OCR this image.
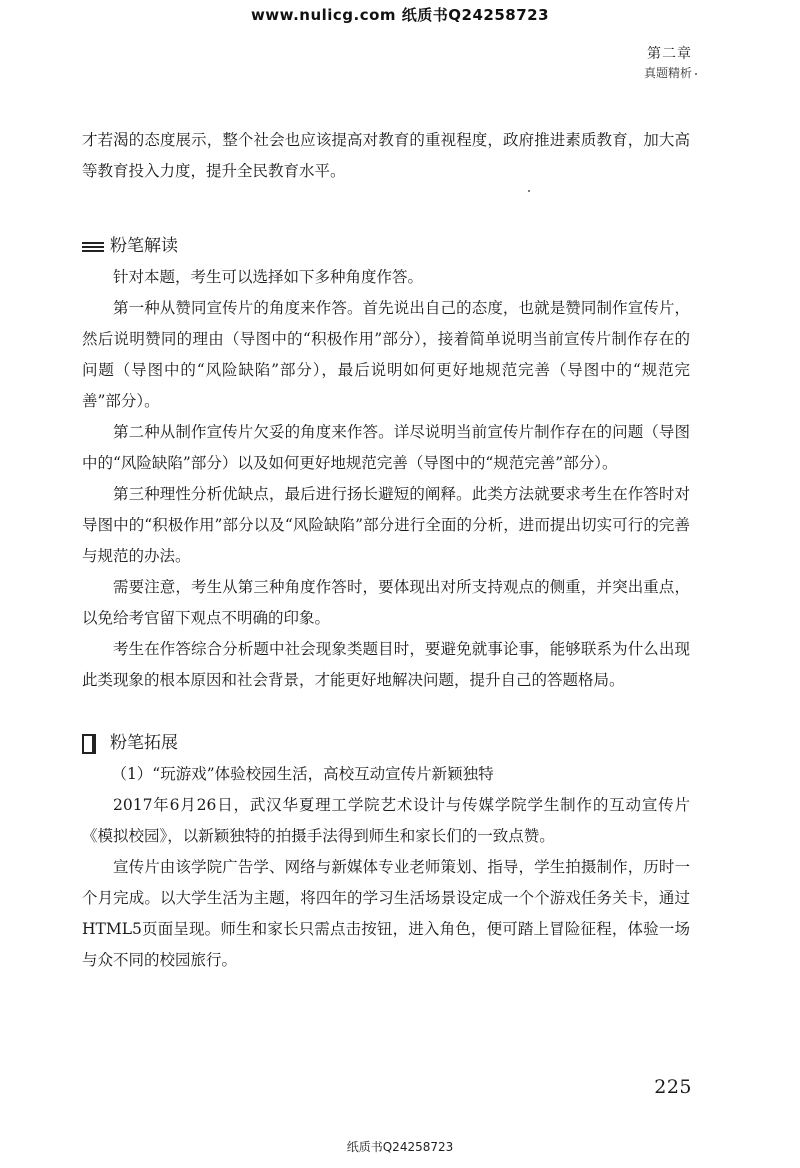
www.nulicg.com 纸质书Q24258723
第二章
真题精析

才若渴的态度展示，整个社会也应该提高对教育的重视程度，政府推进素质教育，加大高等教育投入力度，提升全民教育水平。

粉笔解读

针对本题，考生可以选择如下多种角度作答。

第一种从赞同宣传片的角度来作答。首先说出自己的态度，也就是赞同制作宣传片，然后说明赞同的理由（导图中的“积极作用”部分），接着简单说明当前宣传片制作存在的问题（导图中的“风险缺陷”部分），最后说明如何更好地规范完善（导图中的“规范完善”部分）。

第二种从制作宣传片欠妥的角度来作答。详尽说明当前宣传片制作存在的问题（导图中的“风险缺陷”部分）以及如何更好地规范完善（导图中的“规范完善”部分）。

第三种理性分析优缺点，最后进行扬长避短的阐释。此类方法就要求考生在作答时对导图中的“积极作用”部分以及“风险缺陷”部分进行全面的分析，进而提出切实可行的完善与规范的办法。

需要注意，考生从第三种角度作答时，要体现出对所支持观点的侧重，并突出重点，以免给考官留下观点不明确的印象。

考生在作答综合分析题中社会现象类题目时，要避免就事论事，能够联系为什么出现此类现象的根本原因和社会背景，才能更好地解决问题，提升自己的答题格局。

粉笔拓展

（1）“玩游戏”体验校园生活，高校互动宣传片新颖独特

2017年6月26日，武汉华夏理工学院艺术设计与传媒学院学生制作的互动宣传片《模拟校园》，以新颖独特的拍摄手法得到师生和家长们的一致点赞。

宣传片由该学院广告学、网络与新媒体专业老师策划、指导，学生拍摄制作，历时一个月完成。以大学生活为主题，将四年的学习生活场景设定成一个个游戏任务关卡，通过HTML5页面呈现。师生和家长只需点击按钮，进入角色，便可踏上冒险征程，体验一场与众不同的校园旅行。

225
纸质书Q24258723
